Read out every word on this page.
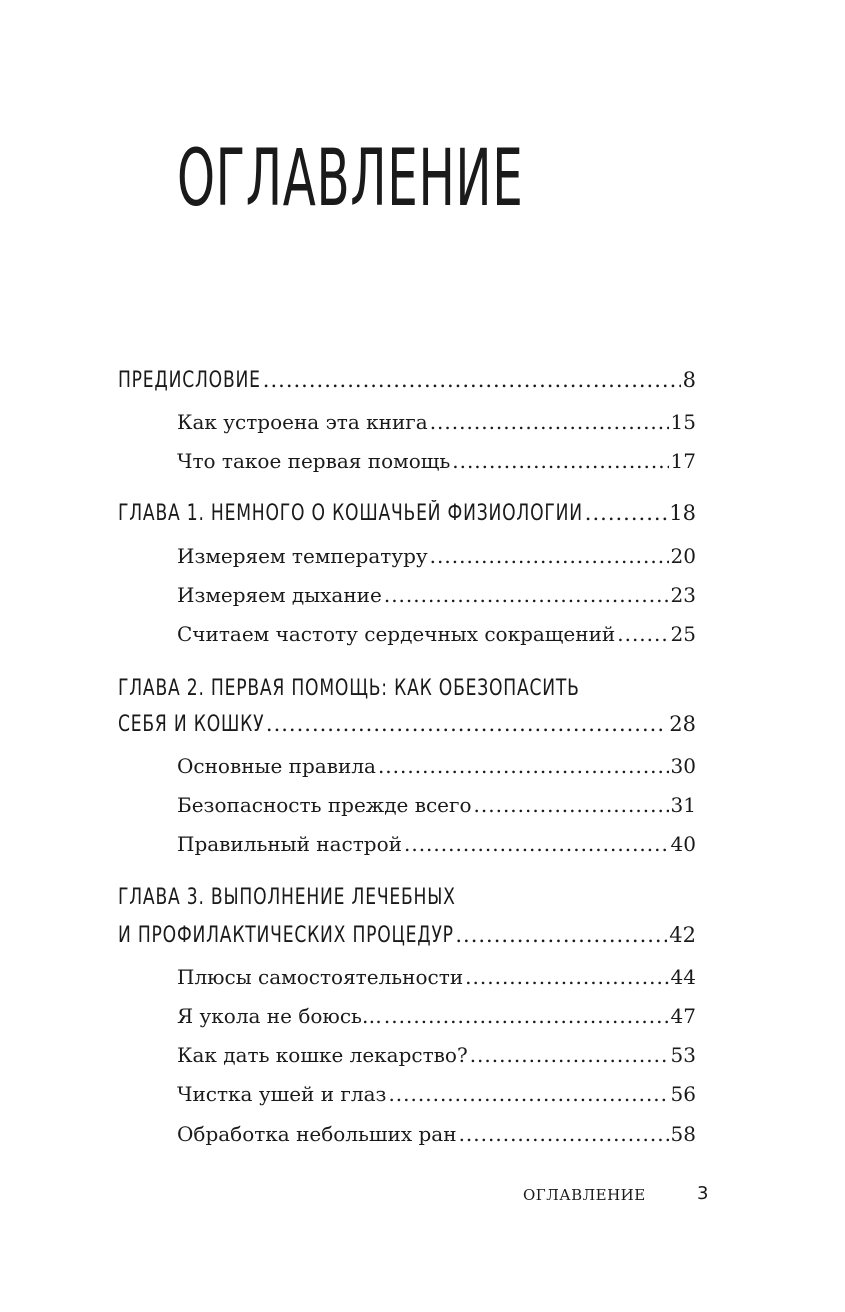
ОГЛАВЛЕНИЕ
ПРЕДИСЛОВИЕ .....	8
Как устроена эта книга .....	15
Что такое первая помощь .....	17
ГЛАВА 1. НЕМНОГО О КОШАЧЬЕЙ ФИЗИОЛОГИИ .....	18
Измеряем температуру .....	20
Измеряем дыхание .....	23
Считаем частоту сердечных сокращений .....	25
ГЛАВА 2. ПЕРВАЯ ПОМОЩЬ: КАК ОБЕЗОПАСИТЬ
СЕБЯ И КОШКУ .....	28
Основные правила .....	30
Безопасность прежде всего .....	31
Правильный настрой .....	40
ГЛАВА 3. ВЫПОЛНЕНИЕ ЛЕЧЕБНЫХ
И ПРОФИЛАКТИЧЕСКИХ ПРОЦЕДУР .....	42
Плюсы самостоятельности .....	44
Я укола не боюсь… .....	47
Как дать кошке лекарство? .....	53
Чистка ушей и глаз .....	56
Обработка небольших ран .....	58
ОГЛАВЛЕНИЕ	3
